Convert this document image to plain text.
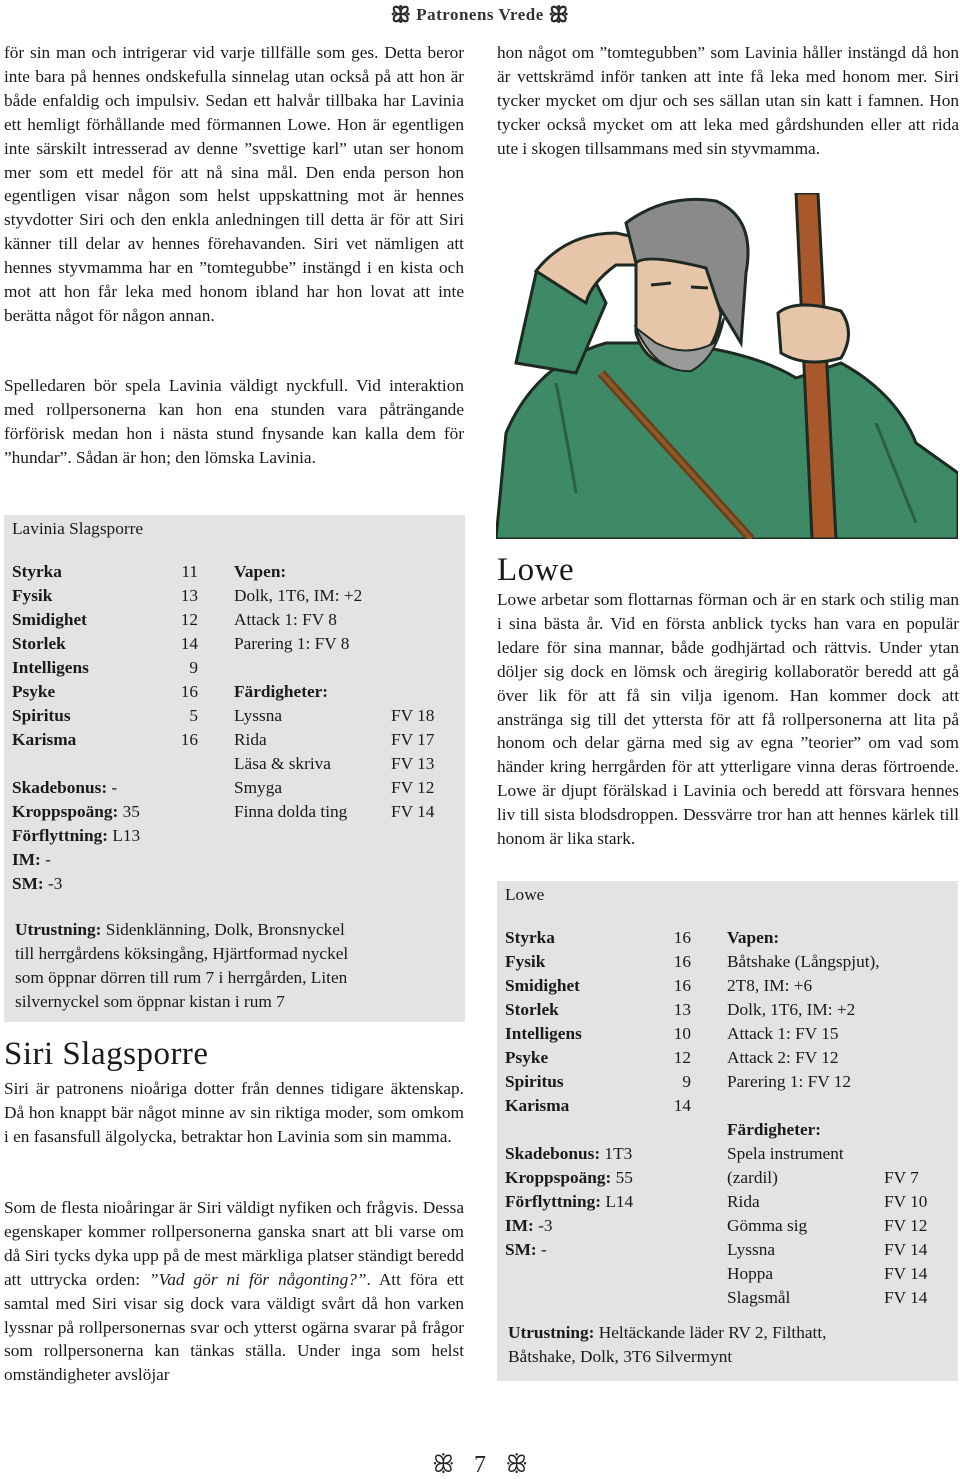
ꕥ Patronens Vrede ꕥ

för sin man och intrigerar vid varje tillfälle som ges. Detta beror inte bara på hennes ondskefulla sinnelag utan också på att hon är både enfaldig och impulsiv. Sedan ett halvår tillbaka har Lavinia ett hemligt förhållande med förmannen Lowe. Hon är egentligen inte särskilt intresserad av denne ”svettige karl” utan ser honom mer som ett medel för att nå sina mål. Den enda person hon egentligen visar någon som helst uppskattning mot är hennes styvdotter Siri och den enkla anledningen till detta är för att Siri känner till delar av hennes förehavanden. Siri vet nämligen att hennes styvmamma har en ”tomtegubbe” instängd i en kista och mot att hon får leka med honom ibland har hon lovat att inte berätta något för någon annan.

Spelledaren bör spela Lavinia väldigt nyckfull. Vid interaktion med rollpersonerna kan hon ena stunden vara påträngande förförisk medan hon i nästa stund fnysande kan kalla dem för ”hundar”. Sådan är hon; den lömska Lavinia.

hon något om ”tomtegubben” som Lavinia håller instängd då hon är vettskrämd inför tanken att inte få leka med honom mer. Siri tycker mycket om djur och ses sällan utan sin katt i famnen. Hon tycker också mycket om att leka med gårdshunden eller att rida ute i skogen tillsammans med sin styvmamma.

Lavinia Slagsporre
Styrka	11
Fysik	13
Smidighet	12
Storlek	14
Intelligens	9
Psyke	16
Spiritus	5
Karisma	16
Skadebonus: -
Kroppspoäng: 35
Förflyttning: L13
IM: -
SM: -3
Vapen:
Dolk, 1T6, IM: +2
Attack 1: FV 8
Parering 1: FV 8
Färdigheter:
Lyssna	FV 18
Rida	FV 17
Läsa & skriva	FV 13
Smyga	FV 12
Finna dolda ting	FV 14
Utrustning: Sidenklänning, Dolk, Bronsnyckel
till herrgårdens köksingång, Hjärtformad nyckel
som öppnar dörren till rum 7 i herrgården, Liten
silvernyckel som öppnar kistan i rum 7
Siri Slagsporre

Siri är patronens nioåriga dotter från dennes tidigare äktenskap. Då hon knappt bär något minne av sin riktiga moder, som omkom i en fasansfull älgolycka, betraktar hon Lavinia som sin mamma.

Som de flesta nioåringar är Siri väldigt nyfiken och frågvis. Dessa egenskaper kommer rollpersonerna ganska snart att bli varse om då Siri tycks dyka upp på de mest märkliga platser ständigt beredd att uttrycka orden: ”Vad gör ni för någonting?”. Att föra ett samtal med Siri visar sig dock vara väldigt svårt då hon varken lyssnar på rollpersonernas svar och ytterst ogärna svarar på frågor som rollpersonerna kan tänkas ställa. Under inga som helst omständigheter avslöjar

Lowe

Lowe arbetar som flottarnas förman och är en stark och stilig man i sina bästa år. Vid en första anblick tycks han vara en populär ledare för sina mannar, både godhjärtad och rättvis. Under ytan döljer sig dock en lömsk och äregirig kollaboratör beredd att gå över lik för att få sin vilja igenom. Han kommer dock att anstränga sig till det yttersta för att få rollpersonerna att lita på honom och delar gärna med sig av egna ”teorier” om vad som händer kring herrgården för att ytterligare vinna deras förtroende. Lowe är djupt förälskad i Lavinia och beredd att försvara hennes liv till sista blodsdroppen. Dessvärre tror han att hennes kärlek till honom är lika stark.

Lowe
Styrka	16
Fysik	16
Smidighet	16
Storlek	13
Intelligens	10
Psyke	12
Spiritus	9
Karisma	14
Skadebonus: 1T3
Kroppspoäng: 55
Förflyttning: L14
IM: -3
SM: -
Vapen:
Båtshake (Långspjut),
2T8, IM: +6
Dolk, 1T6, IM: +2
Attack 1: FV 15
Attack 2: FV 12
Parering 1: FV 12
Färdigheter:
Spela instrument
(zardil)	FV 7
Rida	FV 10
Gömma sig	FV 12
Lyssna	FV 14
Hoppa	FV 14
Slagsmål	FV 14
Utrustning: Heltäckande läder RV 2, Filthatt,
Båtshake, Dolk, 3T6 Silvermynt
ꕥ 7 ꕥ
